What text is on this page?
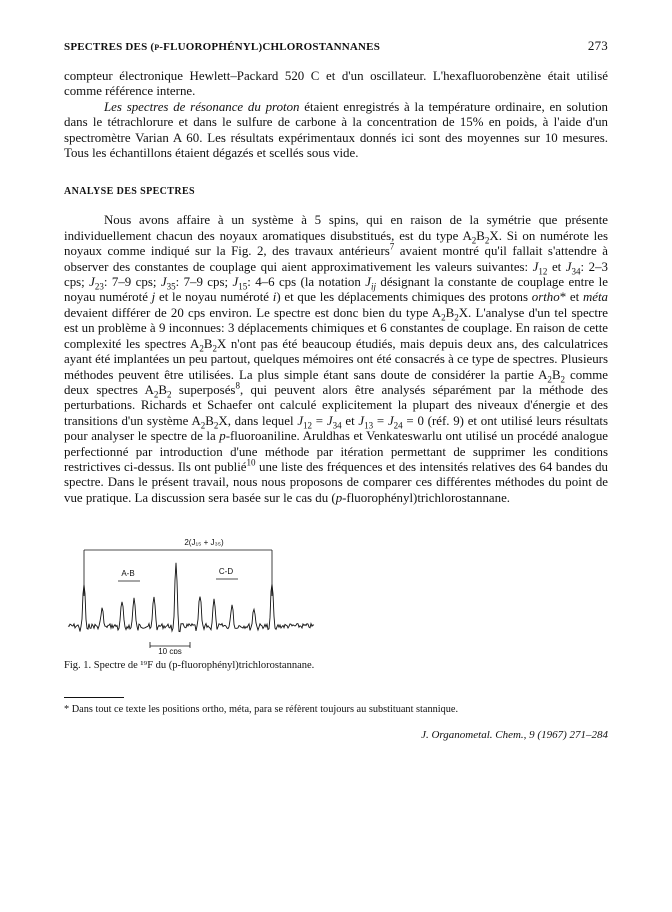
SPECTRES DES (p-FLUOROPHÉNYL)CHLOROSTANNANES	273

compteur électronique Hewlett–Packard 520 C et d'un oscillateur. L'hexafluorobenzène était utilisé comme référence interne.

Les spectres de résonance du proton étaient enregistrés à la température ordinaire, en solution dans le tétrachlorure et dans le sulfure de carbone à la concentration de 15% en poids, à l'aide d'un spectromètre Varian A 60. Les résultats expérimentaux donnés ici sont des moyennes sur 10 mesures. Tous les échantillons étaient dégazés et scellés sous vide.

ANALYSE DES SPECTRES

Nous avons affaire à un système à 5 spins, qui en raison de la symétrie que présente individuellement chacun des noyaux aromatiques disubstitués, est du type $A_2B_2X$. Si on numérote les noyaux comme indiqué sur la Fig. 2, des travaux antérieurs$^7$ avaient montré qu'il fallait s'attendre à observer des constantes de couplage qui aient approximativement les valeurs suivantes: $J_{12}$ et $J_{34}$: 2–3 cps; $J_{23}$: 7–9 cps; $J_{35}$: 7–9 cps; $J_{15}$: 4–6 cps (la notation $J_{ij}$ désignant la constante de couplage entre le noyau numéroté j et le noyau numéroté i) et que les déplacements chimiques des protons ortho* et méta devaient différer de 20 cps environ. Le spectre est donc bien du type $A_2B_2X$. L'analyse d'un tel spectre est un problème à 9 inconnues: 3 déplacements chimiques et 6 constantes de couplage. En raison de cette complexité les spectres $A_2B_2X$ n'ont pas été beaucoup étudiés, mais depuis deux ans, des calculatrices ayant été implantées un peu partout, quelques mémoires ont été consacrés à ce type de spectres. Plusieurs méthodes peuvent être utilisées. La plus simple étant sans doute de considérer la partie $A_2B_2$ comme deux spectres $A_2B_2$ superposés$^8$, qui peuvent alors être analysés séparément par la méthode des perturbations. Richards et Schaefer ont calculé explicitement la plupart des niveaux d'énergie et des transitions d'un système $A_2B_2X$, dans lequel $J_{12} = J_{34}$ et $J_{13} = J_{24} = 0$ (réf. 9) et ont utilisé leurs résultats pour analyser le spectre de la p-fluoroaniline. Aruldhas et Venkateswarlu ont utilisé un procédé analogue perfectionné par introduction d'une méthode par itération permettant de supprimer les conditions restrictives ci-dessus. Ils ont publié$^{10}$ une liste des fréquences et des intensités relatives des 64 bandes du spectre. Dans le présent travail, nous nous proposons de comparer ces différentes méthodes du point de vue pratique. La discussion sera basée sur le cas du (p-fluorophényl)trichlorostannane.

2(J₁₅ + J₃₅)
A-B	C-D
10 cps
Fig. 1. Spectre de ¹⁹F du (p-fluorophényl)trichlorostannane.
* Dans tout ce texte les positions ortho, méta, para se réfèrent toujours au substituant stannique.
J. Organometal. Chem., 9 (1967) 271–284
